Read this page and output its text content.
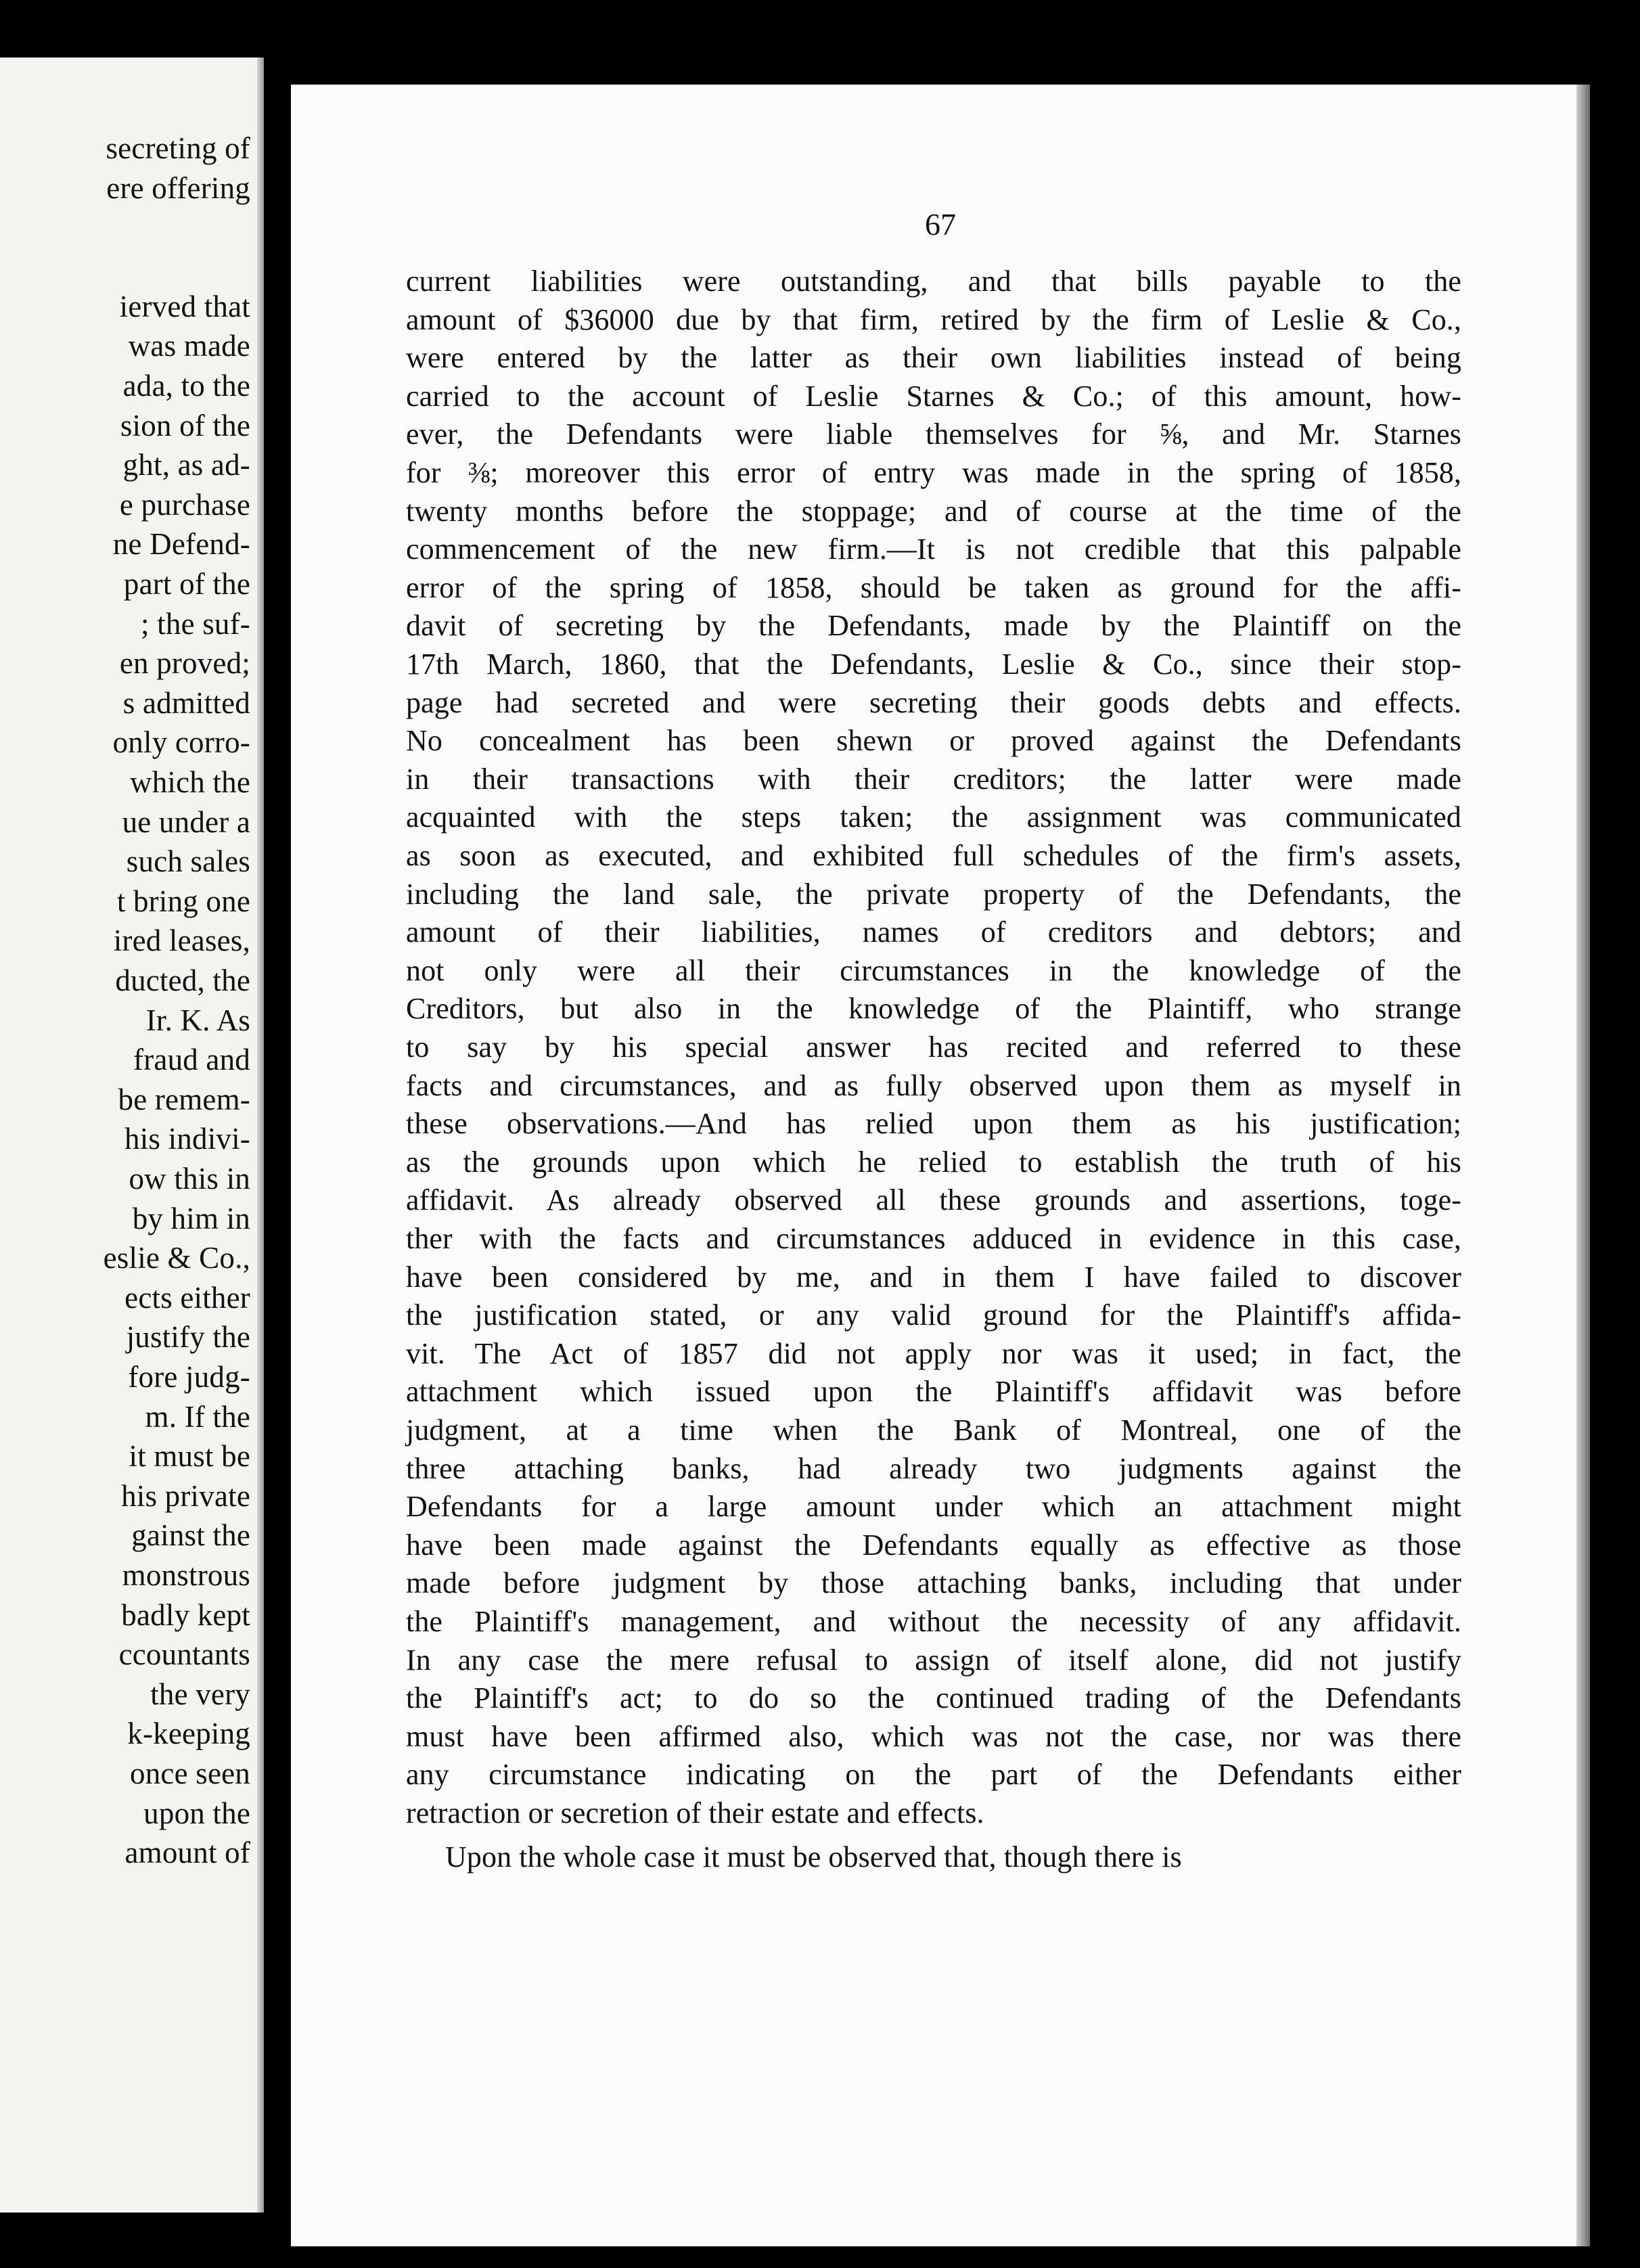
secreting of
ere offering
ierved that
was made
ada, to the
sion of the
ght, as ad-
e purchase
ne Defend-
part of the
; the suf-
en proved;
s admitted
only corro-
which the
ue under a
such sales
t bring one
ired leases,
ducted, the
Ir. K. As
fraud and
be remem-
his indivi-
ow this in
by him in
eslie & Co.,
ects either
justify the
fore judg-
m. If the
it must be
his private
gainst the
monstrous
badly kept
ccountants
the very
k-keeping
once seen
upon the
amount of
67
current liabilities were outstanding, and that bills payable to the
amount of $36000 due by that firm, retired by the firm of Leslie & Co.,
were entered by the latter as their own liabilities instead of being
carried to the account of Leslie Starnes & Co.; of this amount, how-
ever, the Defendants were liable themselves for ⅝, and Mr. Starnes
for ⅜; moreover this error of entry was made in the spring of 1858,
twenty months before the stoppage; and of course at the time of the
commencement of the new firm.—It is not credible that this palpable
error of the spring of 1858, should be taken as ground for the affi-
davit of secreting by the Defendants, made by the Plaintiff on the
17th March, 1860, that the Defendants, Leslie & Co., since their stop-
page had secreted and were secreting their goods debts and effects.
No concealment has been shewn or proved against the Defendants
in their transactions with their creditors; the latter were made
acquainted with the steps taken; the assignment was communicated
as soon as executed, and exhibited full schedules of the firm's assets,
including the land sale, the private property of the Defendants, the
amount of their liabilities, names of creditors and debtors; and
not only were all their circumstances in the knowledge of the
Creditors, but also in the knowledge of the Plaintiff, who strange
to say by his special answer has recited and referred to these
facts and circumstances, and as fully observed upon them as myself in
these observations.—And has relied upon them as his justification;
as the grounds upon which he relied to establish the truth of his
affidavit. As already observed all these grounds and assertions, toge-
ther with the facts and circumstances adduced in evidence in this case,
have been considered by me, and in them I have failed to discover
the justification stated, or any valid ground for the Plaintiff's affida-
vit. The Act of 1857 did not apply nor was it used; in fact, the
attachment which issued upon the Plaintiff's affidavit was before
judgment, at a time when the Bank of Montreal, one of the
three attaching banks, had already two judgments against the
Defendants for a large amount under which an attachment might
have been made against the Defendants equally as effective as those
made before judgment by those attaching banks, including that under
the Plaintiff's management, and without the necessity of any affidavit.
In any case the mere refusal to assign of itself alone, did not justify
the Plaintiff's act; to do so the continued trading of the Defendants
must have been affirmed also, which was not the case, nor was there
any circumstance indicating on the part of the Defendants either
retraction or secretion of their estate and effects.
Upon the whole case it must be observed that, though there is
